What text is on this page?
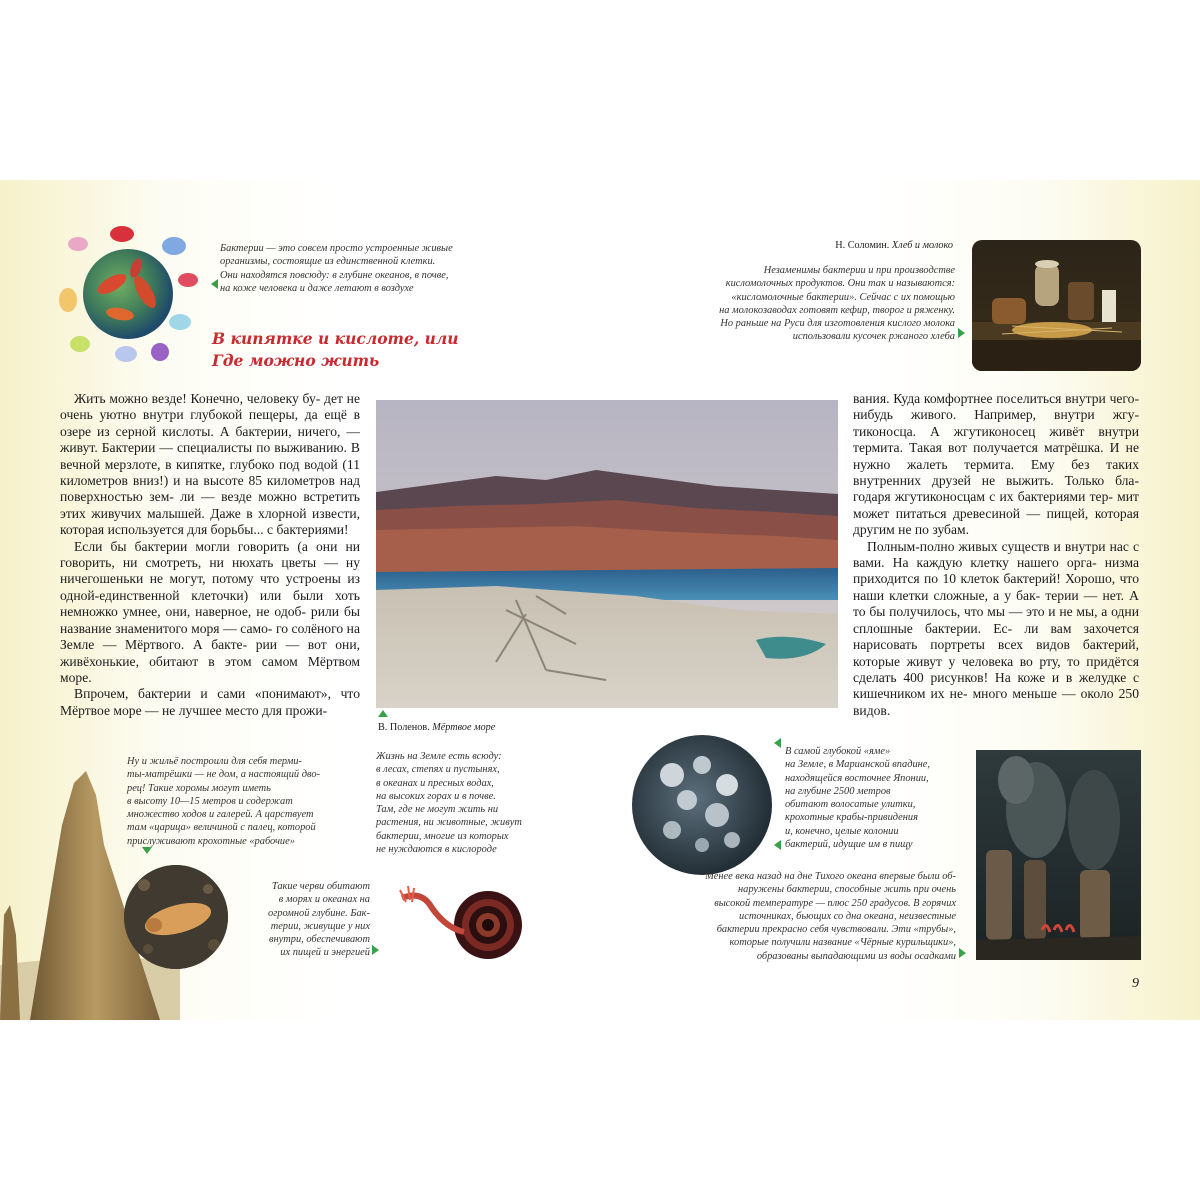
Бактерии — это совсем просто устроенные живые
организмы, состоящие из единственной клетки.
Они находятся повсюду: в глубине океанов, в почве,
на коже человека и даже летают в воздухе
В кипятке и кислоте, или
Где можно жить
Н. Соломин. Хлеб и молоко
Незаменимы бактерии и при производстве
кисломолочных продуктов. Они так и называются:
«кисломолочные бактерии». Сейчас с их помощью
на молокозаводах готовят кефир, творог и ряженку.
Но раньше на Руси для изготовления кислого молока
использовали кусочек ржаного хлеба

Жить можно везде! Конечно, человеку бу- дет не очень уютно внутри глубокой пещеры, да ещё в озере из серной кислоты. А бактерии, ничего, — живут. Бактерии — специалисты по выживанию. В вечной мерзлоте, в кипятке, глубоко под водой (11 километров вниз!) и на высоте 85 километров над поверхностью зем- ли — везде можно встретить этих живучих малышей. Даже в хлорной извести, которая используется для борьбы... с бактериями!

Если бы бактерии могли говорить (а они ни говорить, ни смотреть, ни нюхать цветы — ну ничегошеньки не могут, потому что устроены из одной-единственной клеточки) или были хоть немножко умнее, они, наверное, не одоб- рили бы название знаменитого моря — само- го солёного на Земле — Мёртвого. А бакте- рии — вот они, живёхонькие, обитают в этом самом Мёртвом море.

Впрочем, бактерии и сами «понимают», что Мёртвое море — не лучшее место для прожи-

В. Поленов. Мёртвое море
Жизнь на Земле есть всюду:
в лесах, степях и пустынях,
в океанах и пресных водах,
на высоких горах и в почве.
Там, где не могут жить ни
растения, ни животные, живут
бактерии, многие из которых
не нуждаются в кислороде

вания. Куда комфортнее поселиться внутри чего-нибудь живого. Например, внутри жгу- тиконосца. А жгутиконосец живёт внутри термита. Такая вот получается матрёшка. И не нужно жалеть термита. Ему без таких внутренних друзей не выжить. Только бла- годаря жгутиконосцам с их бактериями тер- мит может питаться древесиной — пищей, которая другим не по зубам.

Полным-полно живых существ и внутри нас с вами. На каждую клетку нашего орга- низма приходится по 10 клеток бактерий! Хорошо, что наши клетки сложные, а у бак- терии — нет. А то бы получилось, что мы — это и не мы, а одни сплошные бактерии. Ес- ли вам захочется нарисовать портреты всех видов бактерий, которые живут у человека во рту, то придётся сделать 400 рисунков! На коже и в желудке с кишечником их не- много меньше — около 250 видов.

Ну и жильё построили для себя терми-
ты-матрёшки — не дом, а настоящий дво-
рец! Такие хоромы могут иметь
в высоту 10—15 метров и содержат
множество ходов и галерей. А царствует
там «царица» величиной с палец, которой
прислуживают крохотные «рабочие»
Такие черви обитают
в морях и океанах на
огромной глубине. Бак-
терии, живущие у них
внутри, обеспечивают
их пищей и энергией
В самой глубокой «яме»
на Земле, в Марианской впадине,
находящейся восточнее Японии,
на глубине 2500 метров
обитают волосатые улитки,
крохотные крабы-привидения
и, конечно, целые колонии
бактерий, идущие им в пищу
Менее века назад на дне Тихого океана впервые были об-
наружены бактерии, способные жить при очень
высокой температуре — плюс 250 градусов. В горячих
источниках, бьющих со дна океана, неизвестные
бактерии прекрасно себя чувствовали. Эти «трубы»,
которые получили название «Чёрные курильщики»,
образованы выпадающими из воды осадками
9
